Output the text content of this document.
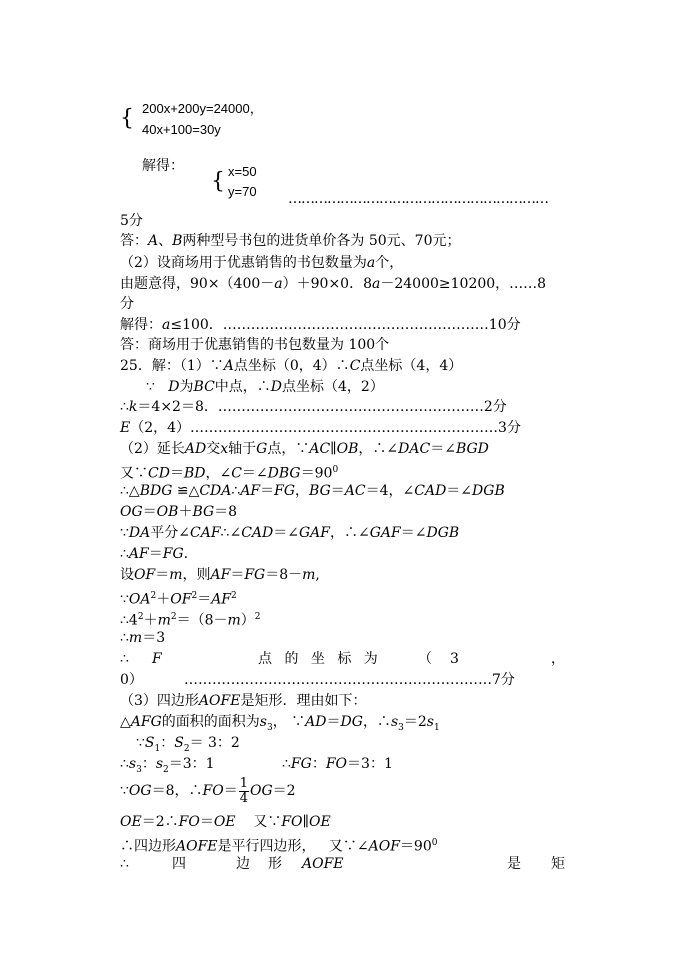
{ 200x+200y=24000，
40x+100=30y
解得：
{ x=50
y=70 ……………………………………………………
5分
答：A、B两种型号书包的进货单价各为 50元、70元；
（2）设商场用于优惠销售的书包数量为a个，
由题意得，90×（400－a）＋90×0．8a－24000≥10200，……8
分
解得：a≤100．…………………………………………………10分
答：商场用于优惠销售的书包数量为 100个
25．解：（1）∵A点坐标（0，4）∴C点坐标（4，4）
∵ D为BC中点，∴D点坐标（4，2）
∴k＝4×2＝8．…………………………………………………2分
E（2，4）…………………………………………………………3分
（2）延长AD交x轴于G点，∵AC∥OB，∴∠DAC＝∠BGD
又∵CD＝BD，$\angle C=\angle DBG=90^0$
∴△BDG ≌△CDA∴AF＝FG，BG＝AC＝4，∠CAD＝∠DGB
OG＝OB＋BG＝8
∵DA平分∠CAF∴∠CAD＝∠GAF，∴∠GAF＝∠DGB
∴AF＝FG.
设OF＝m，则AF＝FG＝8－m,
$\because OA^2+OF^2=AF^2$
$\therefore 4^2+m^2=(8-m)^2$
∴m＝3
∴ F	点 的 坐 标 为	（ 3	，
0）	…………………………………………………………7分
（3）四边形AOFE是矩形．理由如下：
△AFG的面积的面积为$s_3$， ∵AD＝DG，$\therefore s_3=2s_1$
$\because S_1$：$S_2= 3$：2
$\therefore s_3$：$s_2=3$：1	∴FG：FO＝3：1
∵OG＝8，∴FO＝ $\frac{1}{4} OG=2$
OE＝2∴FO＝OE 又∵FO∥OE
∴四边形AOFE是平行四边形， 又$\because\angle AOF=90^0$
∴	四	边 形 AOFE	是 矩
